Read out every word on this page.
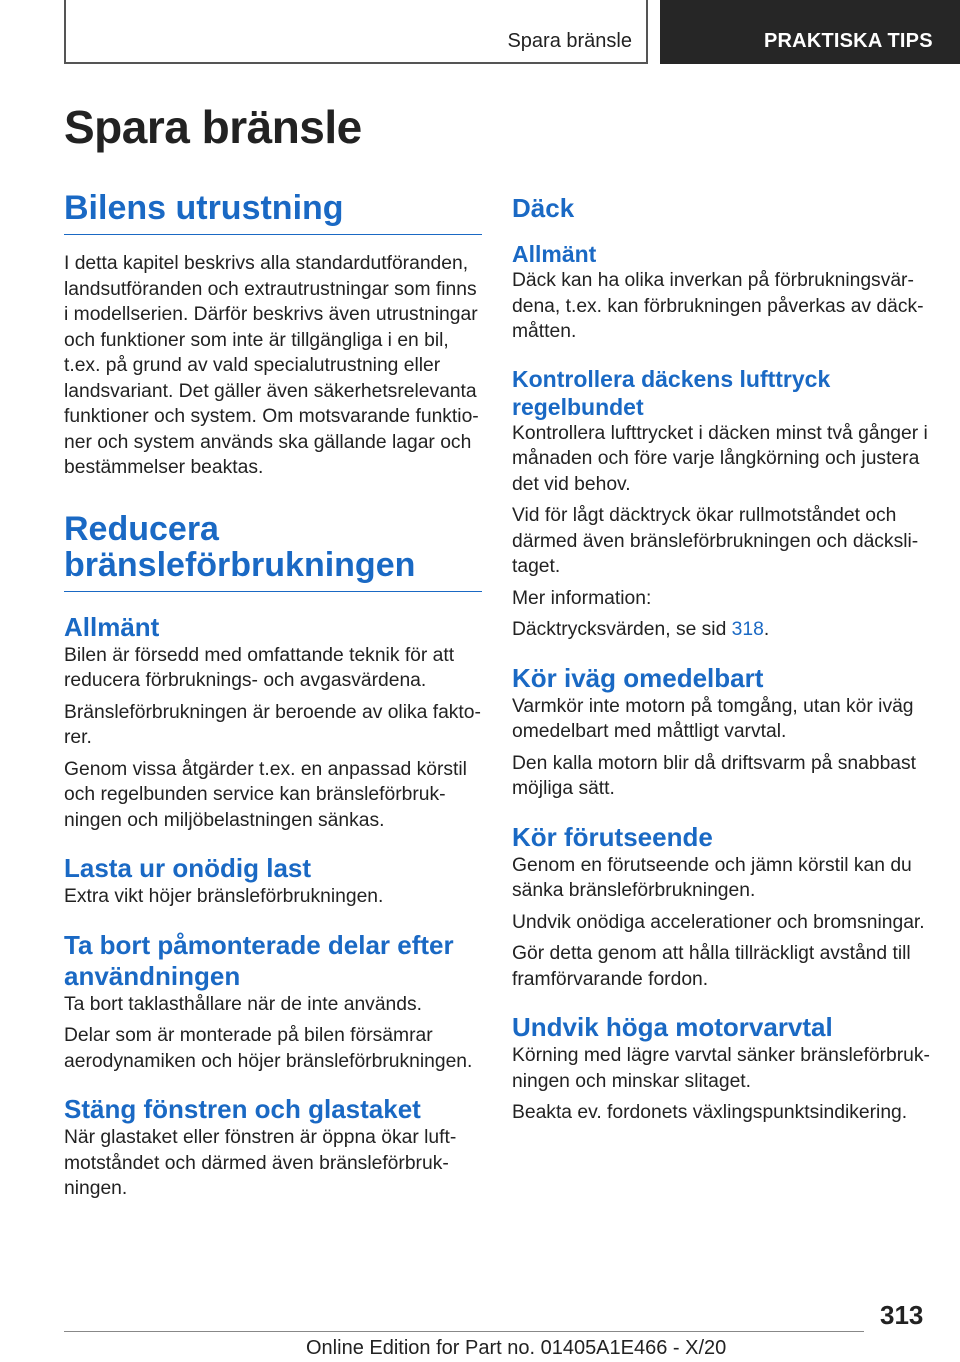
Spara bränsle	PRAKTISKA TIPS
Spara bränsle
Bilens utrustning

I detta kapitel beskrivs alla standardutföranden, landsutföranden och extrautrustningar som finns i modellserien. Därför beskrivs även utrustningar och funktioner som inte är tillgängliga i en bil, t.ex. på grund av vald specialutrustning eller landsvariant. Det gäller även säkerhetsrelevanta funktioner och system. Om motsvarande funktioner och system används ska gällande lagar och bestämmelser beaktas.

Reducera bränsleförbrukningen
Allmänt

Bilen är försedd med omfattande teknik för att reducera förbruknings- och avgasvärdena.

Bränsleförbrukningen är beroende av olika faktorer.

Genom vissa åtgärder t.ex. en anpassad körstil och regelbunden service kan bränsleförbrukningen och miljöbelastningen sänkas.

Lasta ur onödig last

Extra vikt höjer bränsleförbrukningen.

Ta bort påmonterade delar efter användningen

Ta bort taklasthållare när de inte används.

Delar som är monterade på bilen försämrar aerodynamiken och höjer bränsleförbrukningen.

Stäng fönstren och glastaket

När glastaket eller fönstren är öppna ökar luftmotståndet och därmed även bränsleförbrukningen.

Däck
Allmänt

Däck kan ha olika inverkan på förbrukningsvärdena, t.ex. kan förbrukningen påverkas av däckmåtten.

Kontrollera däckens lufttryck regelbundet

Kontrollera lufttrycket i däcken minst två gånger i månaden och före varje långkörning och justera det vid behov.

Vid för lågt däcktryck ökar rullmotståndet och därmed även bränsleförbrukningen och däckslitaget.

Mer information:

Däcktrycksvärden, se sid 318.

Kör iväg omedelbart

Varmkör inte motorn på tomgång, utan kör iväg omedelbart med måttligt varvtal.

Den kalla motorn blir då driftsvarm på snabbast möjliga sätt.

Kör förutseende

Genom en förutseende och jämn körstil kan du sänka bränsleförbrukningen.

Undvik onödiga accelerationer och bromsningar.

Gör detta genom att hålla tillräckligt avstånd till framförvarande fordon.

Undvik höga motorvarvtal

Körning med lägre varvtal sänker bränsleförbrukningen och minskar slitaget.

Beakta ev. fordonets växlingspunktsindikering.

313
Online Edition for Part no. 01405A1E466 - X/20
